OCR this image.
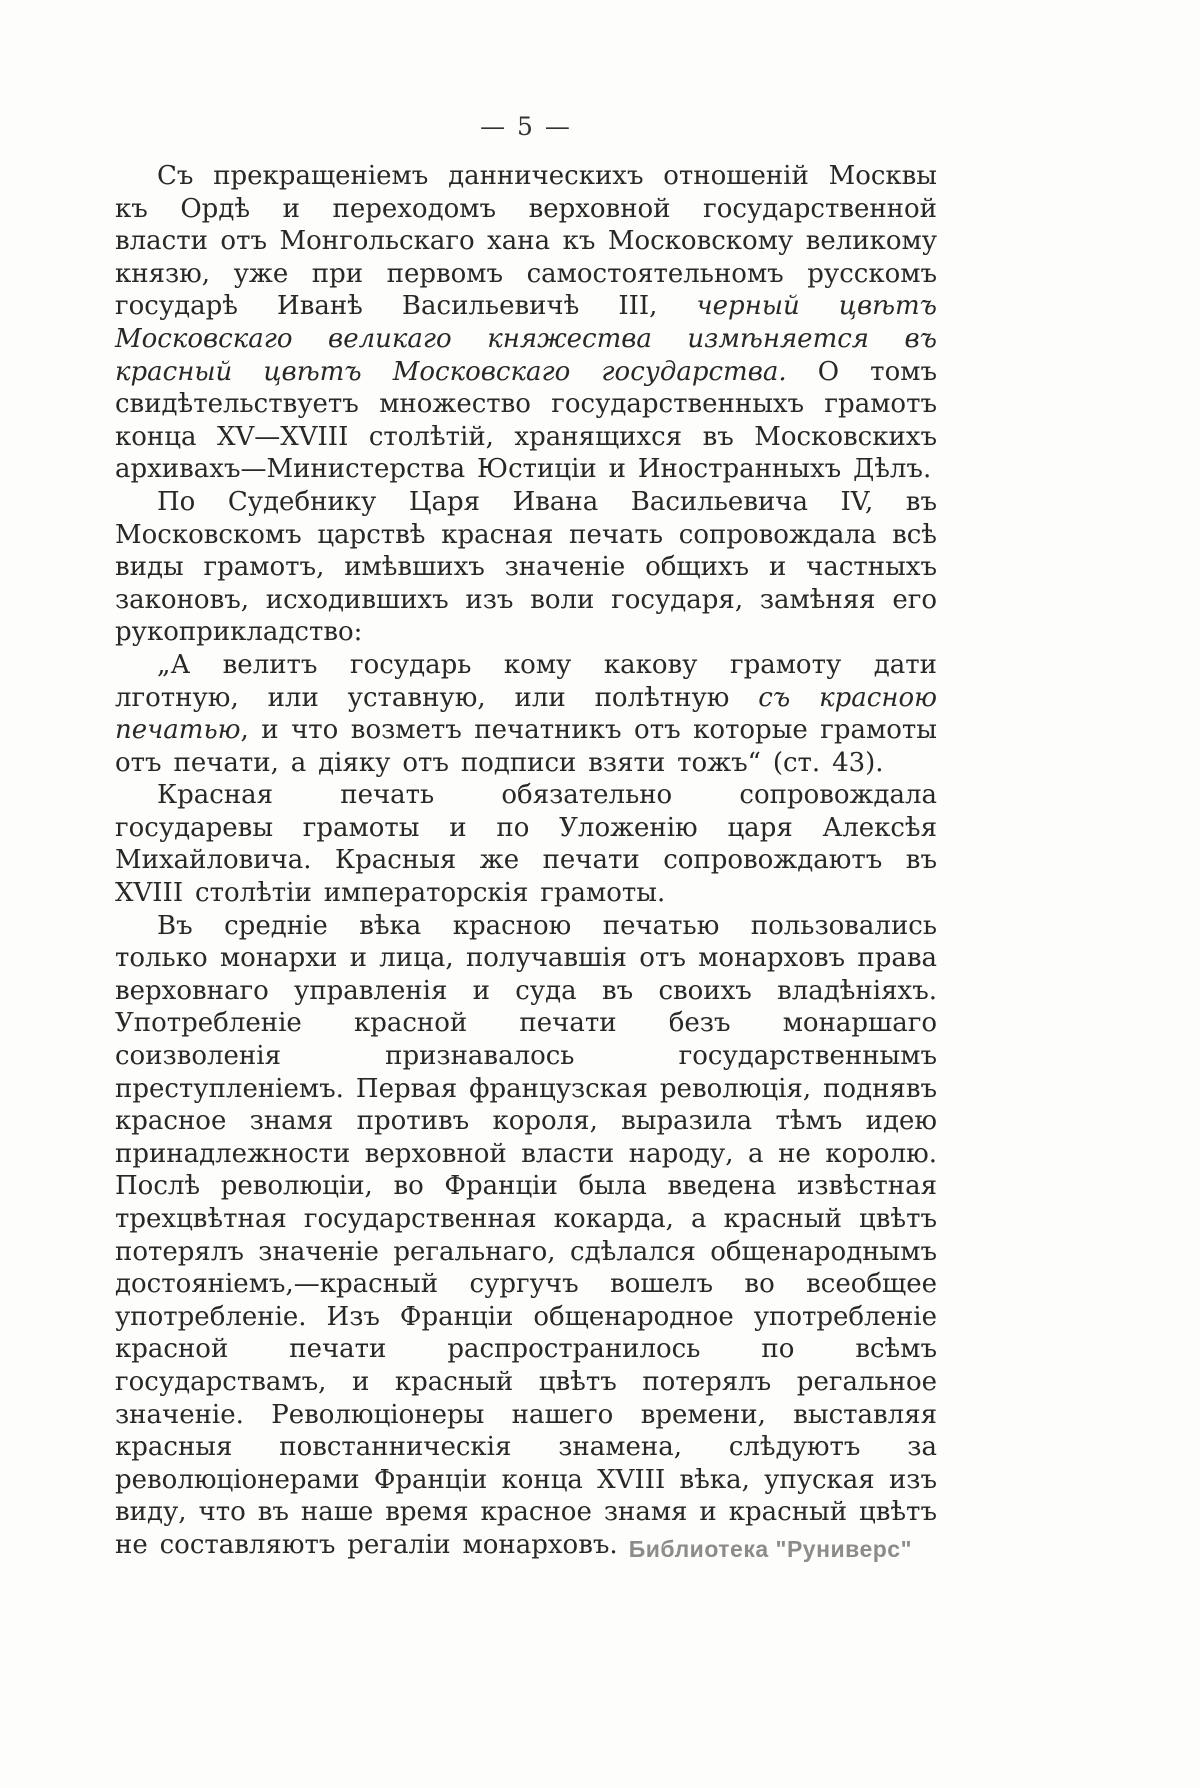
— 5 —

Съ прекращеніемъ данническихъ отношеній Москвы къ Ордѣ и переходомъ верховной государственной власти отъ Монгольскаго хана къ Московскому великому князю, уже при первомъ самостоятельномъ русскомъ государѣ Иванѣ Васильевичѣ III, черный цвѣтъ Московскаго великаго княжества измѣняется въ красный цвѣтъ Московскаго государства. О томъ свидѣтельствуетъ множество государственныхъ грамотъ конца XV—XVIII столѣтій, хранящихся въ Московскихъ архивахъ—Министерства Юстиціи и Иностранныхъ Дѣлъ.

По Судебнику Царя Ивана Васильевича IV, въ Московскомъ царствѣ красная печать сопровождала всѣ виды грамотъ, имѣвшихъ значеніе общихъ и частныхъ законовъ, исходившихъ изъ воли государя, замѣняя его рукоприкладство:

„А велитъ государь кому какову грамоту дати лготную, или уставную, или полѣтную съ красною печатью, и что возметъ печатникъ отъ которые грамоты отъ печати, а діяку отъ подписи взяти тожъ“ (ст. 43).

Красная печать обязательно сопровождала государевы грамоты и по Уложенію царя Алексѣя Михайловича. Красныя же печати сопровождаютъ въ XVIII столѣтіи императорскія грамоты.

Въ средніе вѣка красною печатью пользовались только монархи и лица, получавшія отъ монарховъ права верховнаго управленія и суда въ своихъ владѣніяхъ. Употребленіе красной печати безъ монаршаго соизволенія признавалось государственнымъ преступленіемъ. Первая французская революція, поднявъ красное знамя противъ короля, выразила тѣмъ идею принадлежности верховной власти народу, а не королю. Послѣ революціи, во Франціи была введена извѣстная трехцвѣтная государственная кокарда, а красный цвѣтъ потерялъ значеніе регальнаго, сдѣлался общенароднымъ достояніемъ,—красный сургучъ вошелъ во всеобщее употребленіе. Изъ Франціи общенародное употребленіе красной печати распространилось по всѣмъ государствамъ, и красный цвѣтъ потерялъ регальное значеніе. Революціонеры нашего времени, выставляя красныя повстанническія знамена, слѣдуютъ за революціонерами Франціи конца XVIII вѣка, упуская изъ виду, что въ наше время красное знамя и красный цвѣтъ не составляютъ регаліи монарховъ. Библиотека "Руниверс"
